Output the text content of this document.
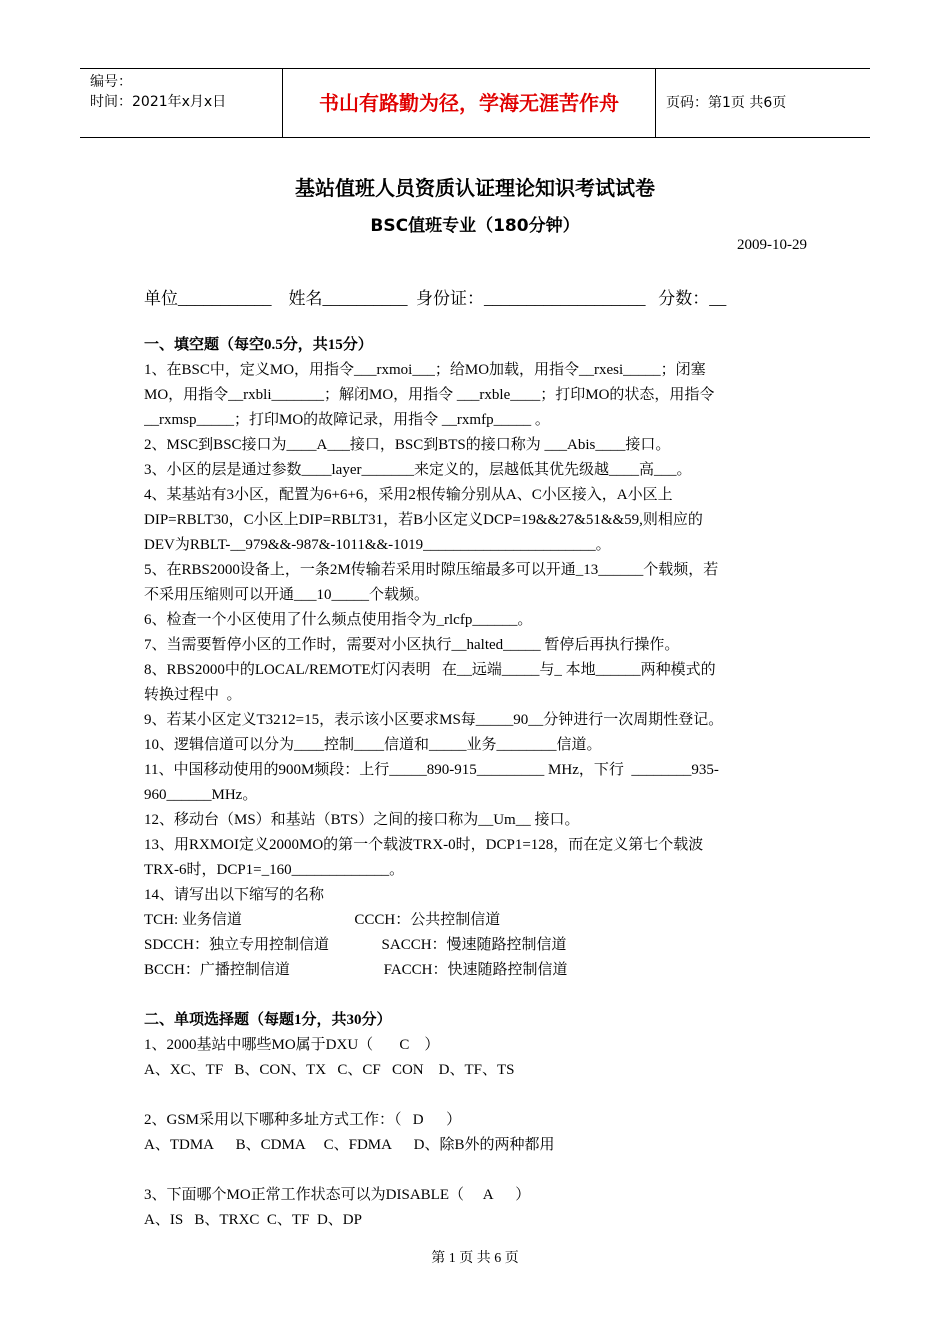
编号：
时间：2021年x月x日	书山有路勤为径，学海无涯苦作舟	页码：第1页 共6页
基站值班人员资质认证理论知识考试试卷
BSC值班专业（180分钟）
2009-10-29
单位___________    姓名__________  身份证：___________________   分数：__
一、填空题（每空0.5分，共15分）
1、在BSC中，定义MO，用指令___rxmoi___；给MO加载，用指令__rxesi_____；闭塞
MO，用指令__rxbli_______；解闭MO，用指令 ___rxble____；打印MO的状态，用指令
__rxmsp_____；打印MO的故障记录，用指令 __rxmfp_____ 。
2、MSC到BSC接口为____A___接口，BSC到BTS的接口称为 ___Abis____接口。
3、小区的层是通过参数____layer_______来定义的，层越低其优先级越____高___。
4、某基站有3小区，配置为6+6+6，采用2根传输分别从A、C小区接入，A小区上
DIP=RBLT30，C小区上DIP=RBLT31，若B小区定义DCP=19&&27&51&&59,则相应的
DEV为RBLT-__979&&-987&-1011&&-1019_______________________。
5、在RBS2000设备上，一条2M传输若采用时隙压缩最多可以开通_13______个载频，若
不采用压缩则可以开通___10_____个载频。
6、检查一个小区使用了什么频点使用指令为_rlcfp______。
7、当需要暂停小区的工作时，需要对小区执行__halted_____ 暂停后再执行操作。
8、RBS2000中的LOCAL/REMOTE灯闪表明   在__远端_____与_ 本地______两种模式的
转换过程中  。
9、若某小区定义T3212=15，表示该小区要求MS每_____90__分钟进行一次周期性登记。
10、逻辑信道可以分为____控制____信道和_____业务________信道。
11、中国移动使用的900M频段：上行_____890-915_________ MHz，下行  ________935-
960______MHz。
12、移动台（MS）和基站（BTS）之间的接口称为__Um__ 接口。
13、用RXMOI定义2000MO的第一个载波TRX-0时，DCP1=128，而在定义第七个载波
TRX-6时，DCP1=_160_____________。
14、请写出以下缩写的名称
TCH: 业务信道                              CCCH：公共控制信道
SDCCH：独立专用控制信道              SACCH：慢速随路控制信道
BCCH：广播控制信道                         FACCH：快速随路控制信道
二、单项选择题（每题1分，共30分）
1、2000基站中哪些MO属于DXU（       C    ）
A、XC、TF   B、CON、TX   C、CF   CON    D、TF、TS
2、GSM采用以下哪种多址方式工作：（   D      ）
A、TDMA      B、CDMA     C、FDMA      D、除B外的两种都用
3、下面哪个MO正常工作状态可以为DISABLE（     A      ）
A、IS   B、TRXC  C、TF  D、DP
第 1 页 共 6 页
